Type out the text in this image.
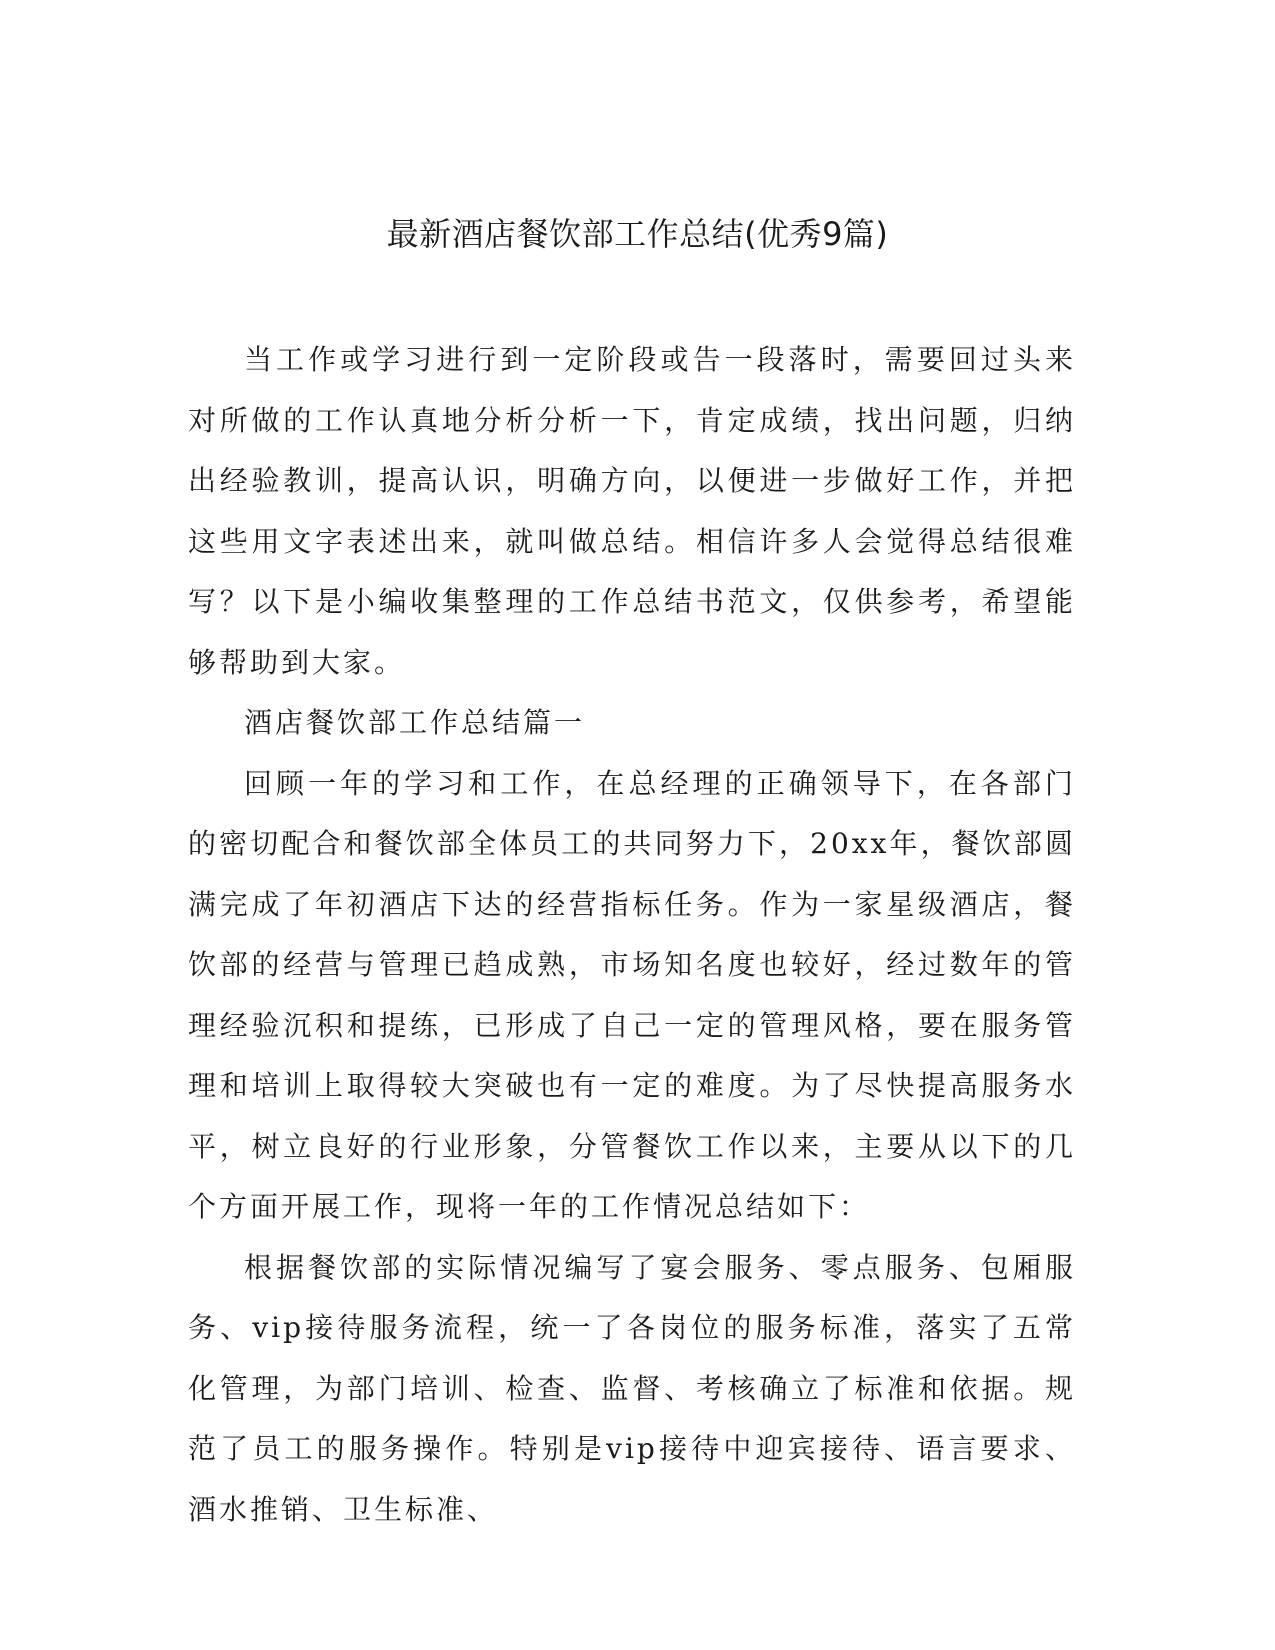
最新酒店餐饮部工作总结(优秀9篇)

当工作或学习进行到一定阶段或告一段落时，需要回过头来对所做的工作认真地分析分析一下，肯定成绩，找出问题，归纳出经验教训，提高认识，明确方向，以便进一步做好工作，并把这些用文字表述出来，就叫做总结。相信许多人会觉得总结很难写？以下是小编收集整理的工作总结书范文，仅供参考，希望能够帮助到大家。

酒店餐饮部工作总结篇一

回顾一年的学习和工作，在总经理的正确领导下，在各部门的密切配合和餐饮部全体员工的共同努力下，20xx年，餐饮部圆满完成了年初酒店下达的经营指标任务。作为一家星级酒店，餐饮部的经营与管理已趋成熟，市场知名度也较好，经过数年的管理经验沉积和提练，已形成了自己一定的管理风格，要在服务管理和培训上取得较大突破也有一定的难度。为了尽快提高服务水平，树立良好的行业形象，分管餐饮工作以来，主要从以下的几个方面开展工作，现将一年的工作情况总结如下：

根据餐饮部的实际情况编写了宴会服务、零点服务、包厢服务、vip接待服务流程，统一了各岗位的服务标准，落实了五常化管理，为部门培训、检查、监督、考核确立了标准和依据。规范了员工的服务操作。特别是vip接待中迎宾接待、语言要求、酒水推销、卫生标准、
